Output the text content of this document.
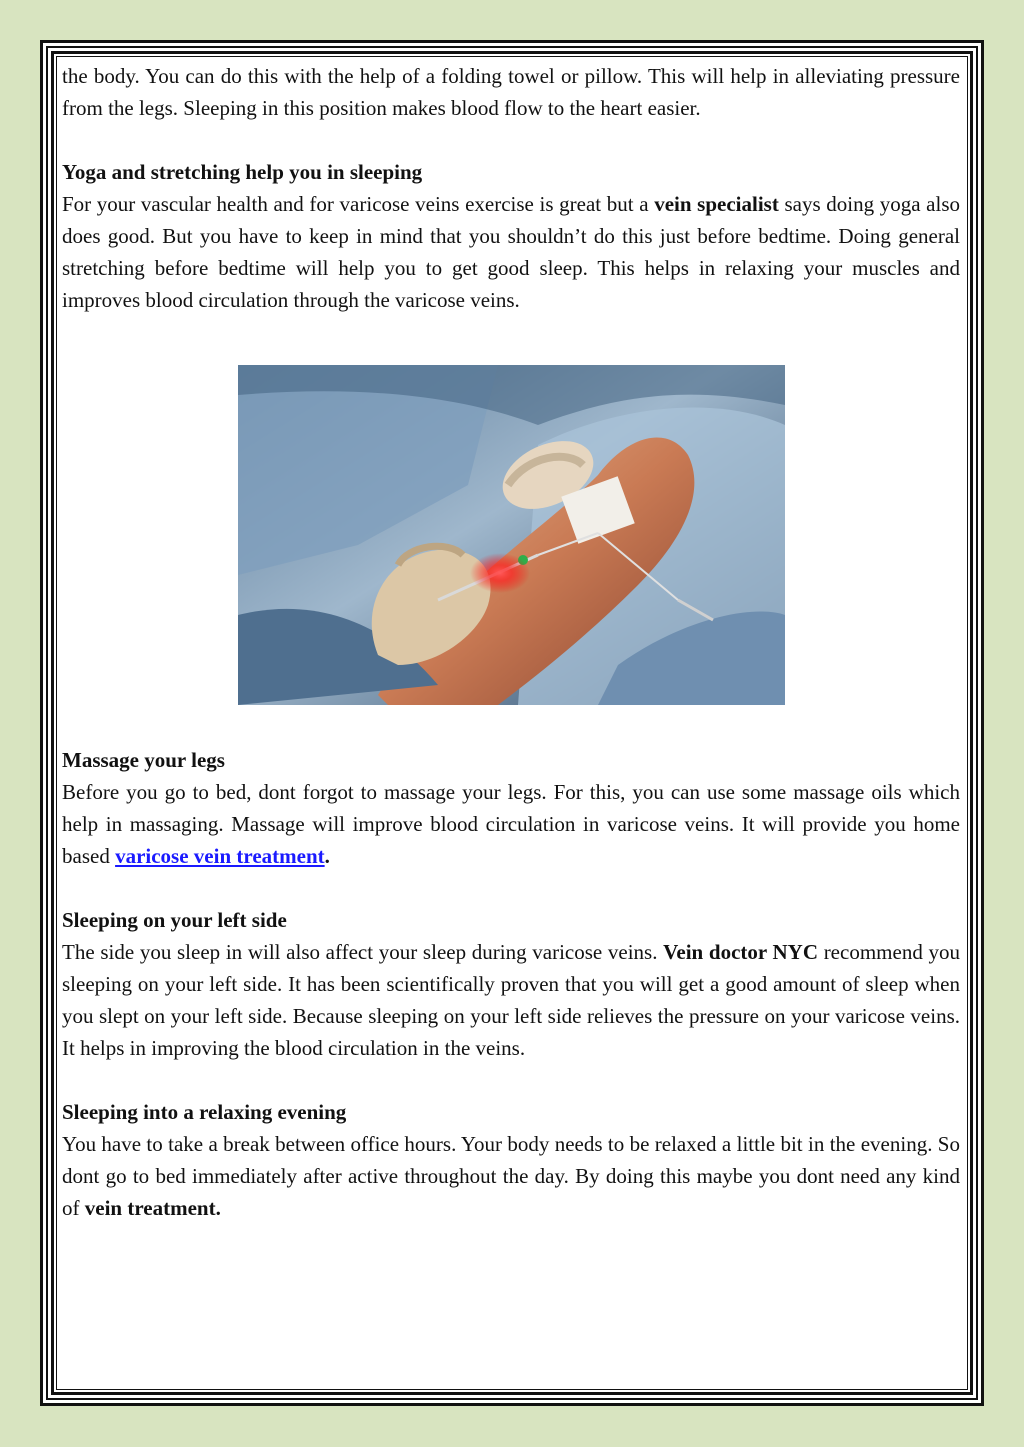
the body. You can do this with the help of a folding towel or pillow. This will help in alleviating pressure from the legs. Sleeping in this position makes blood flow to the heart easier.

Yoga and stretching help you in sleeping

For your vascular health and for varicose veins exercise is great but a vein specialist says doing yoga also does good. But you have to keep in mind that you shouldn’t do this just before bedtime. Doing general stretching before bedtime will help you to get good sleep. This helps in relaxing your muscles and improves blood circulation through the varicose veins.

Massage your legs

Before you go to bed, dont forgot to massage your legs. For this, you can use some massage oils which help in massaging. Massage will improve blood circulation in varicose veins. It will provide you home based varicose vein treatment.

Sleeping on your left side

The side you sleep in will also affect your sleep during varicose veins. Vein doctor NYC recommend you sleeping on your left side. It has been scientifically proven that you will get a good amount of sleep when you slept on your left side. Because sleeping on your left side relieves the pressure on your varicose veins. It helps in improving the blood circulation in the veins.

Sleeping into a relaxing evening

You have to take a break between office hours. Your body needs to be relaxed a little bit in the evening. So dont go to bed immediately after active throughout the day. By doing this maybe you dont need any kind of vein treatment.
